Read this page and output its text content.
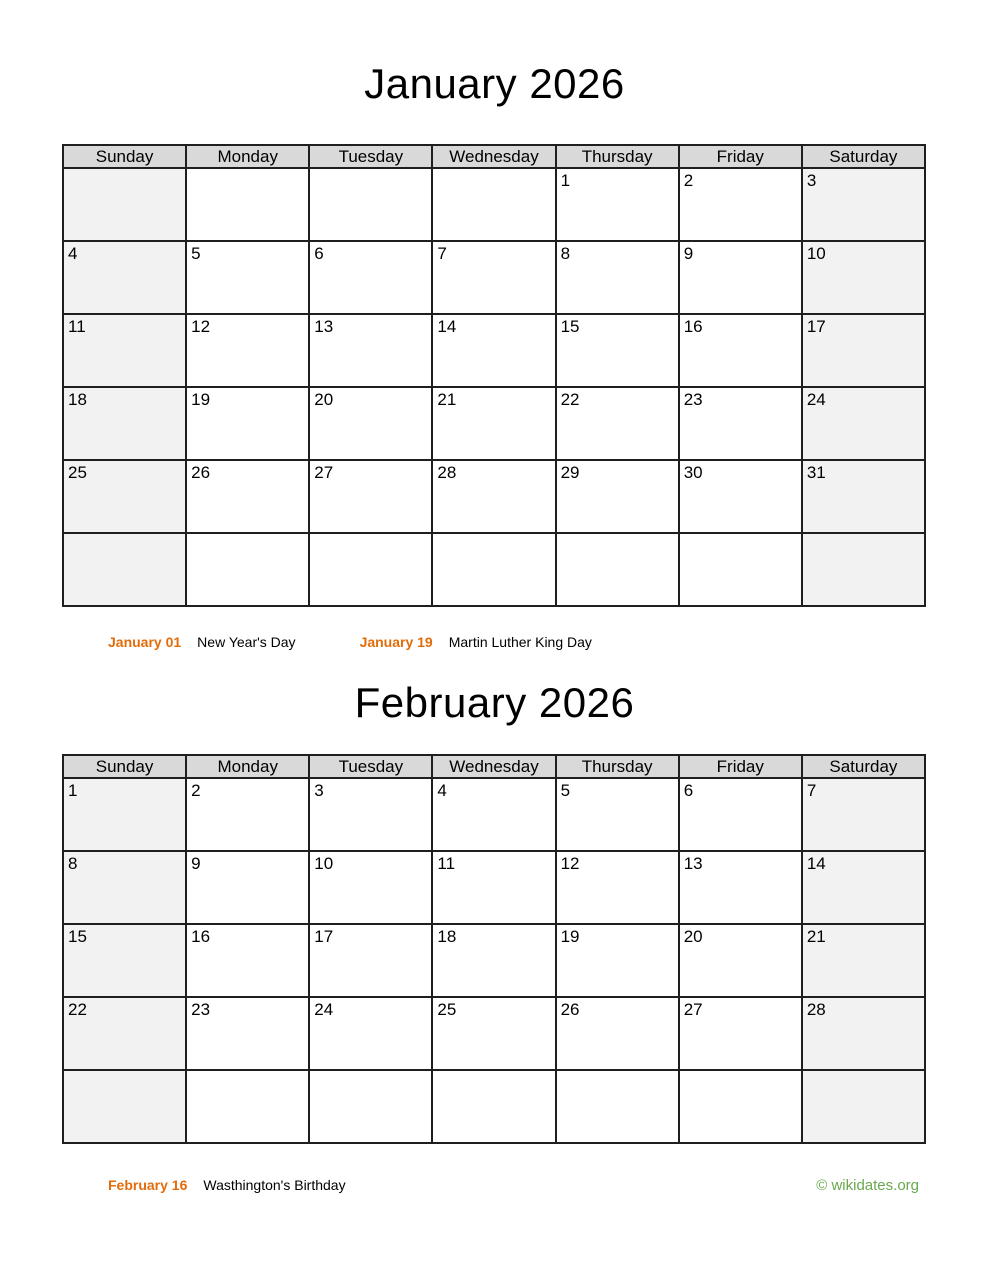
January 2026
Sunday	Monday	Tuesday	Wednesday	Thursday	Friday	Saturday
				1	2	3
4	5	6	7	8	9	10
11	12	13	14	15	16	17
18	19	20	21	22	23	24
25	26	27	28	29	30	31

January 01 New Year's Day	January 19 Martin Luther King Day
February 2026
Sunday	Monday	Tuesday	Wednesday	Thursday	Friday	Saturday
1	2	3	4	5	6	7
8	9	10	11	12	13	14
15	16	17	18	19	20	21
22	23	24	25	26	27	28

February 16 Wasthington's Birthday	© wikidates.org
